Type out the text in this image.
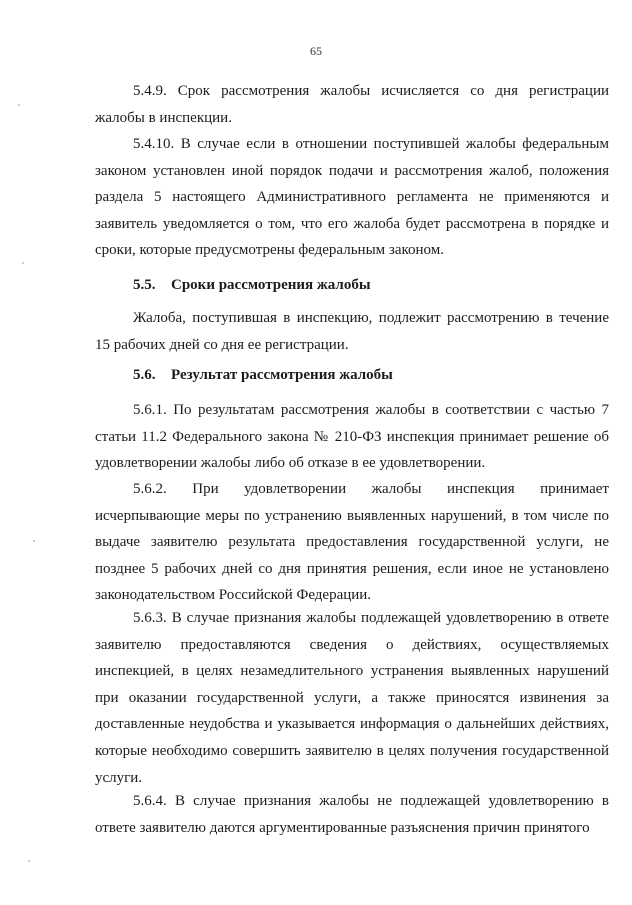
65

5.4.9. Срок рассмотрения жалобы исчисляется со дня регистрации жалобы в инспекции.

5.4.10. В случае если в отношении поступившей жалобы федеральным законом установлен иной порядок подачи и рассмотрения жалоб, положения раздела 5 настоящего Административного регламента не применяются и заявитель уведомляется о том, что его жалоба будет рассмотрена в порядке и сроки, которые предусмотрены федеральным законом.

5.5. Сроки рассмотрения жалобы

Жалоба, поступившая в инспекцию, подлежит рассмотрению в течение 15 рабочих дней со дня ее регистрации.

5.6. Результат рассмотрения жалобы

5.6.1. По результатам рассмотрения жалобы в соответствии с частью 7 статьи 11.2 Федерального закона № 210-ФЗ инспекция принимает решение об удовлетворении жалобы либо об отказе в ее удовлетворении.

5.6.2. При удовлетворении жалобы инспекция принимает исчерпывающие меры по устранению выявленных нарушений, в том числе по выдаче заявителю результата предоставления государственной услуги, не позднее 5 рабочих дней со дня принятия решения, если иное не установлено законодательством Российской Федерации.

5.6.3. В случае признания жалобы подлежащей удовлетворению в ответе заявителю предоставляются сведения о действиях, осуществляемых инспекцией, в целях незамедлительного устранения выявленных нарушений при оказании государственной услуги, а также приносятся извинения за доставленные неудобства и указывается информация о дальнейших действиях, которые необходимо совершить заявителю в целях получения государственной услуги.

5.6.4. В случае признания жалобы не подлежащей удовлетворению в ответе заявителю даются аргументированные разъяснения причин принятого
